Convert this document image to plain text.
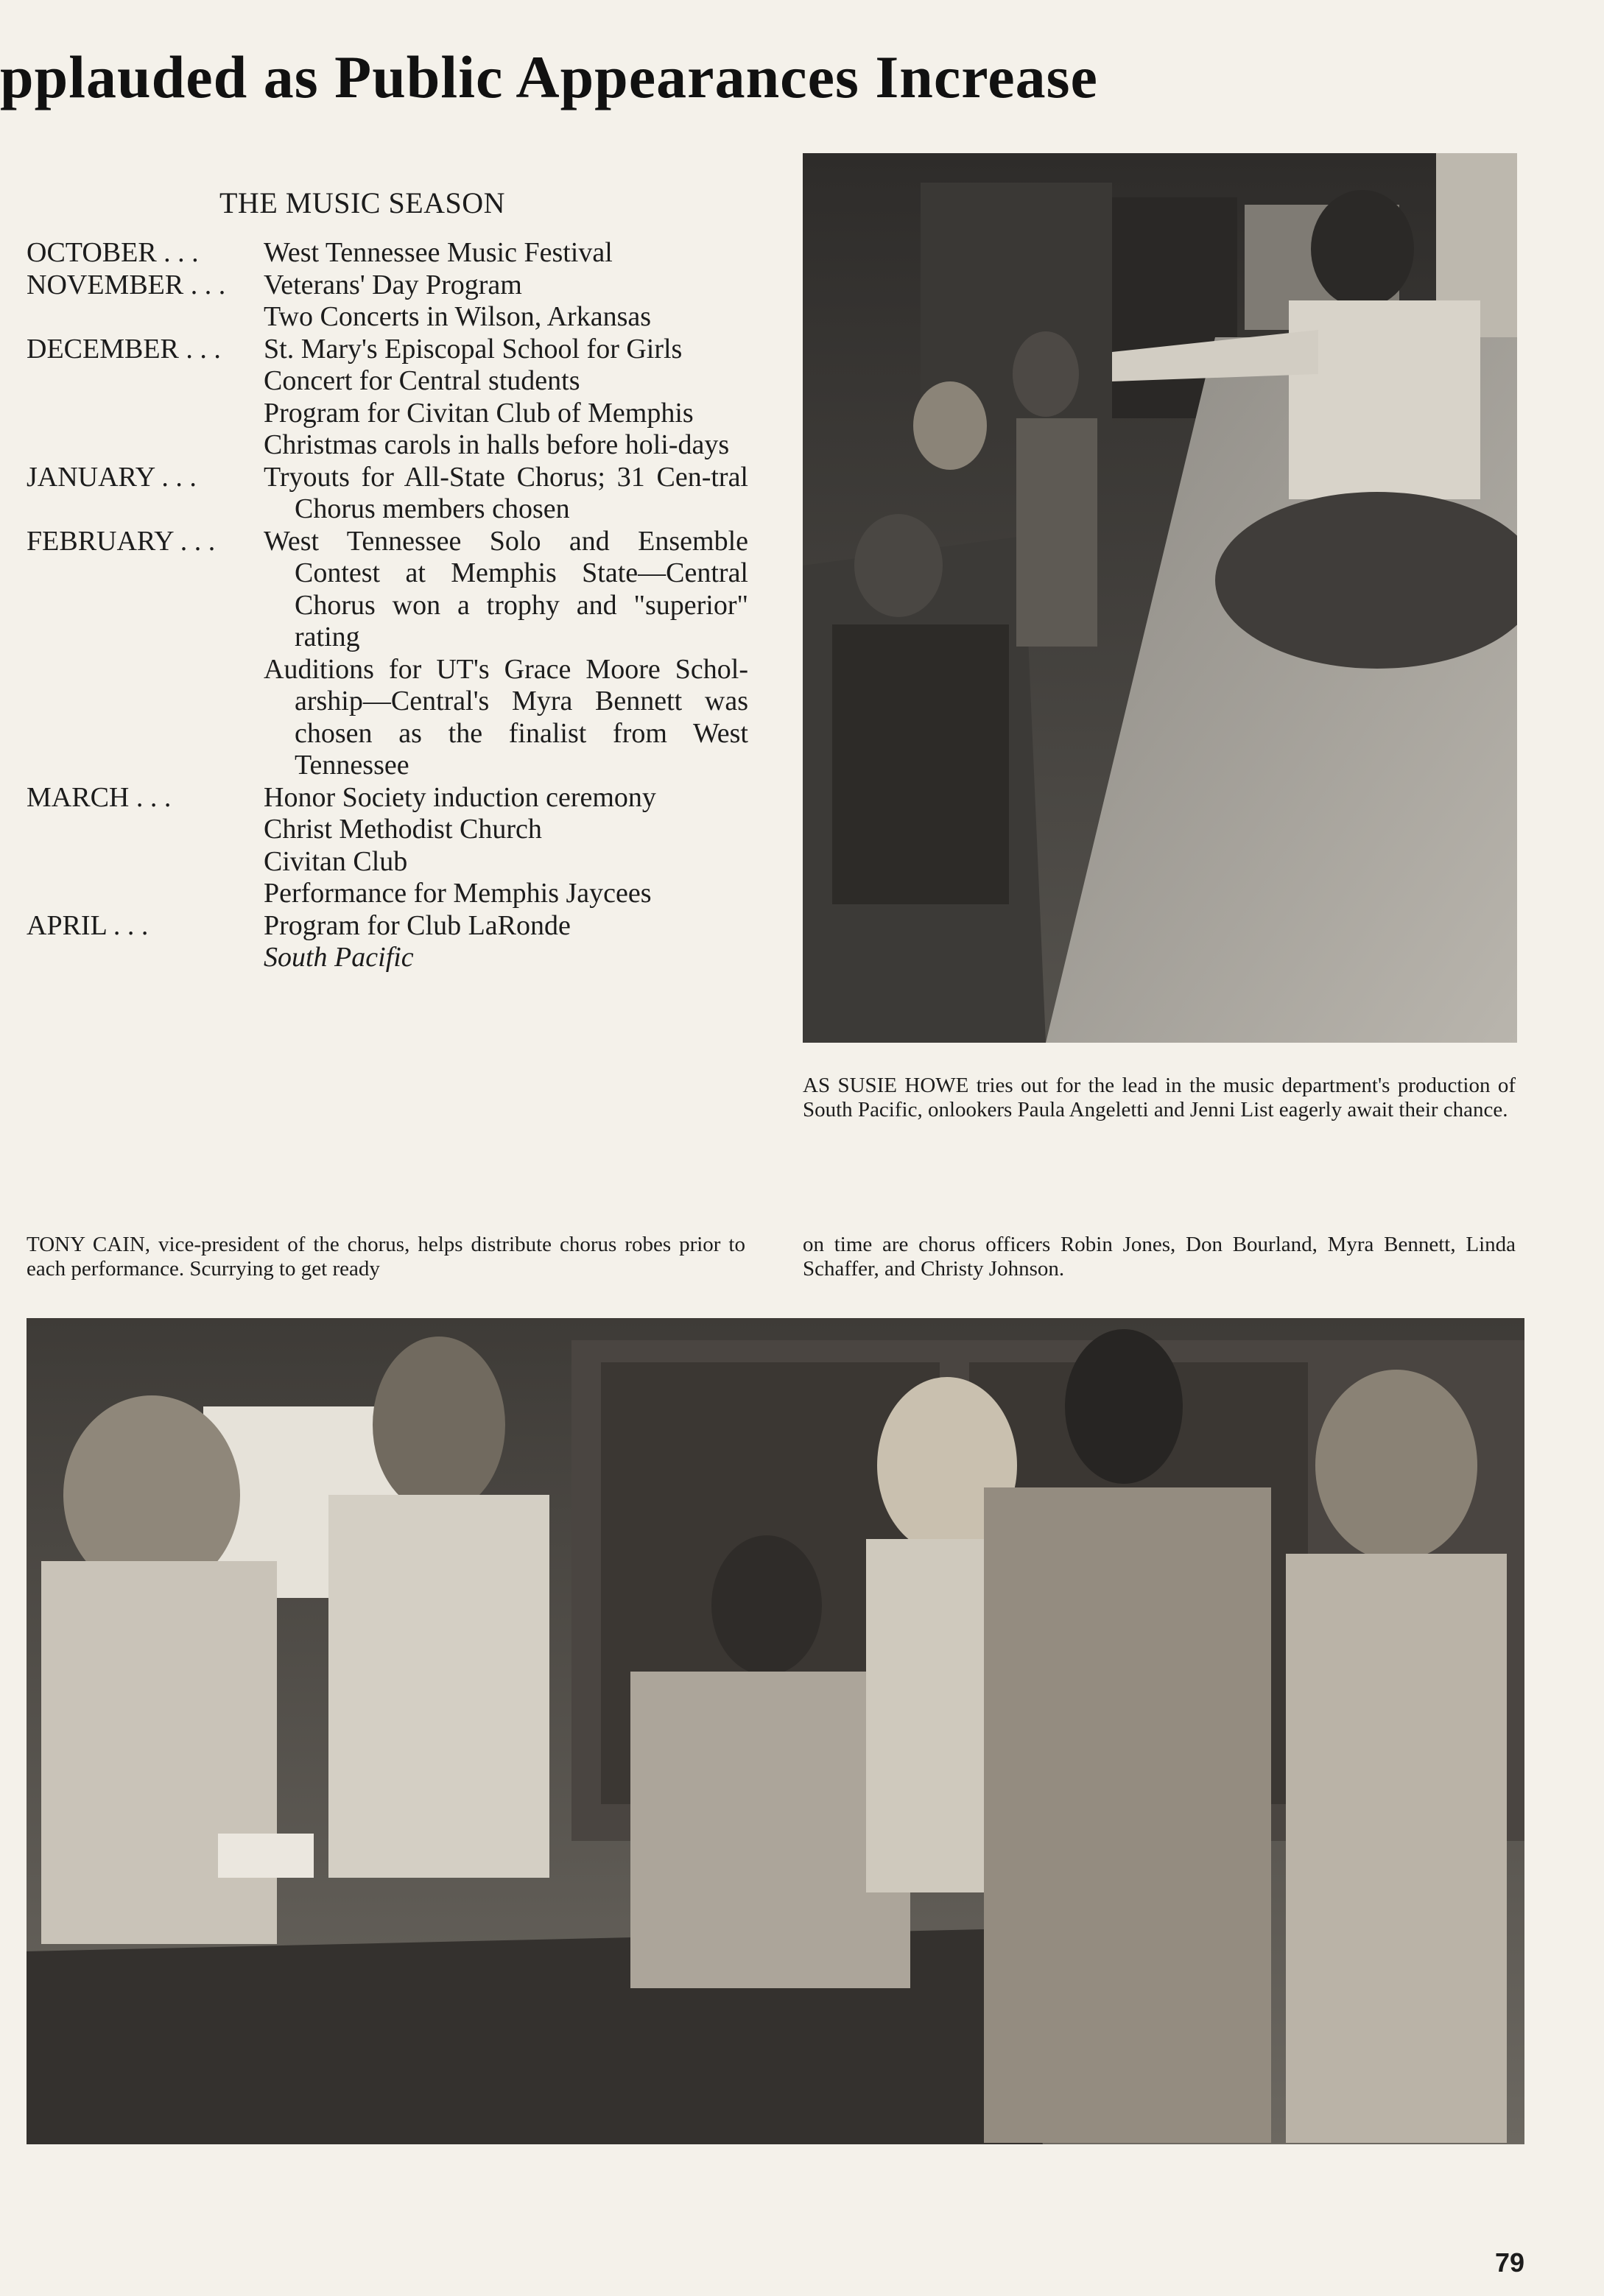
pplauded as Public Appearances Increase
THE MUSIC SEASON
OCTOBER . . . West Tennessee Music Festival
NOVEMBER . . . Veterans' Day Program
Two Concerts in Wilson, Arkansas
DECEMBER . . . St. Mary's Episcopal School for Girls
Concert for Central students
Program for Civitan Club of Memphis
Christmas carols in halls before holi-days
JANUARY . . . Tryouts for All-State Chorus; 31 Cen-tral Chorus members chosen
FEBRUARY . . . West Tennessee Solo and Ensemble Contest at Memphis State—Central Chorus won a trophy and "superior" rating
Auditions for UT's Grace Moore Schol-arship—Central's Myra Bennett was chosen as the finalist from West Tennessee
MARCH . . .	Honor Society induction ceremony
Christ Methodist Church
Civitan Club
Performance for Memphis Jaycees
APRIL . . .	Program for Club LaRonde
South Pacific
AS SUSIE HOWE tries out for the lead in the music department's production of South Pacific, onlookers Paula Angeletti and Jenni List eagerly await their chance.
TONY CAIN, vice-president of the chorus, helps distribute chorus robes prior to each performance. Scurrying to get ready
on time are chorus officers Robin Jones, Don Bourland, Myra Bennett, Linda Schaffer, and Christy Johnson.
79
